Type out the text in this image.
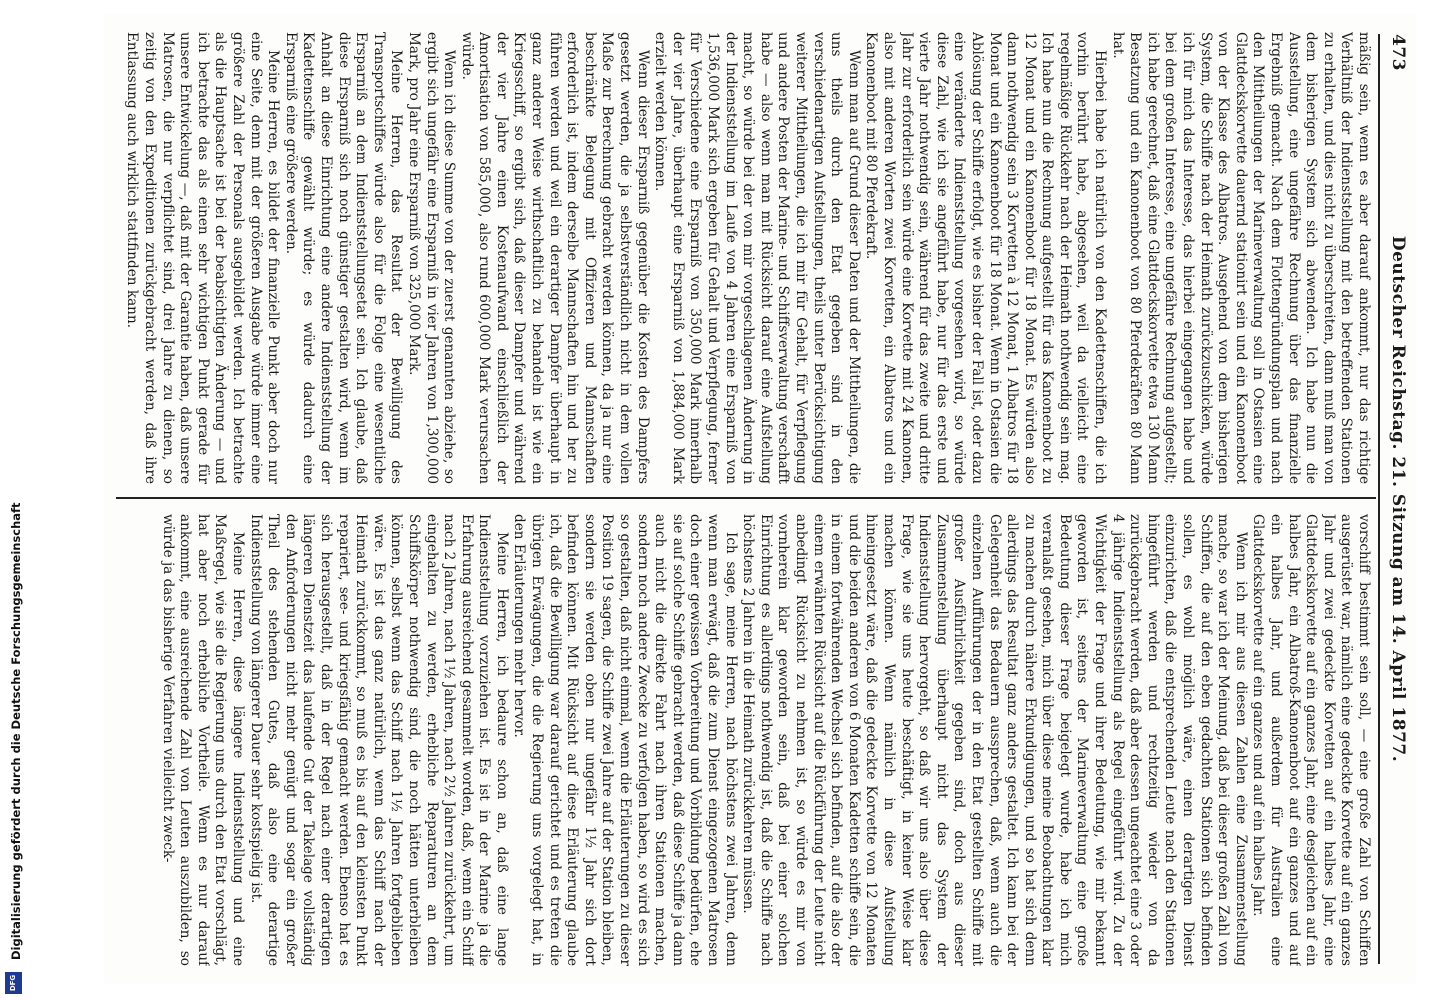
473
Deutscher Reichstag. 21. Sitzung am 14. April 1877.

mäßig sein, wenn es aber darauf ankommt, nur das richtige Verhältniß der Indienststellung mit den betreffenden Stationen zu erhalten, und dies nicht zu überschreiten, dann muß man von dem bisherigen System sich abwenden. Ich habe nun die Ausstellung, eine ungefähre Rechnung über das finanzielle Ergebniß gemacht. Nach dem Flottengründungsplan und nach den Mittheilungen der Marineverwaltung soll in Ostasien eine Glattdeckskorvette dauernd stationirt sein und ein Kanonenboot von der Klasse des Albatros. Ausgehend von dem bisherigen System, die Schiffe nach der Heimath zurückzuschicken, würde ich für mich das Interesse, das hierbei eingegangen habe und bei dem großen Interesse, eine ungefähre Rechnung aufgestellt; ich habe gerechnet, daß eine Glattdeckskorvette etwa 130 Mann Besatzung und ein Kanonenboot von 80 Pferdekräften 80 Mann hat.

Hierbei habe ich natürlich von den Kadettenschiffen, die ich vorhin berührt habe, abgesehen, weil da vielleicht eine regelmäßige Rückkehr nach der Heimath nothwendig sein mag. Ich habe nun die Rechnung aufgestellt für das Kanonenboot zu 12 Monat und ein Kanonenboot für 18 Monat. Es würden also dann nothwendig sein 3 Korvetten à 12 Monat, 1 Albatros für 18 Monat und ein Kanonenboot für 18 Monat. Wenn in Ostasien die Ablösung der Schiffe erfolgt, wie es bisher der Fall ist, oder dazu eine veränderte Indienststellung vorgesehen wird, so würde diese Zahl, wie ich sie angeführt habe, nur für das erste und vierte Jahr nothwendig sein, während für das zweite und dritte Jahr zur erforderlich sein würde eine Korvette mit 24 Kanonen, also mit anderen Worten zwei Korvetten, ein Albatros und ein Kanonenboot mit 80 Pferdekraft.

Wenn man auf Grund dieser Daten und der Mittheilungen, die uns theils durch den Etat gegeben sind in den verschiedenartigen Aufstellungen, theils unter Berücksichtigung weiterer Mittheilungen, die ich mir für Gehalt, für Verpflegung und andere Posten der Marine- und Schiffsverwaltung verschafft habe — also wenn man mit Rücksicht darauf eine Aufstellung macht, so würde bei der von mir vorgeschlagenen Änderung in der Indienststellung im Laufe von 4 Jahren eine Ersparniß von 1,536,000 Mark sich ergeben für Gehalt und Verpflegung, ferner für Verschiedene eine Ersparniß von 350,000 Mark innerhalb der vier Jahre, überhaupt eine Ersparniß von 1,884,000 Mark erzielt werden können.

Wenn dieser Ersparniß gegenüber die Kosten des Dampfers gesetzt werden, die ja selbstverständlich nicht in dem vollen Maße zur Berechnung gebracht werden können, da ja nur eine beschränkte Belegung mit Offizieren und Mannschaften erforderlich ist, indem derselbe Mannschaften hin und her zu führen werden und weil ein derartiger Dampfer überhaupt in ganz anderer Weise wirthschaftlich zu behandeln ist wie ein Kriegsschiff, so ergibt sich, daß dieser Dampfer und während der vier Jahre einen Kostenaufwand einschließlich der Amortisation von 585,000, also rund 600,000 Mark verursachen würde.

Wenn ich diese Summe von der zuerst genannten abziehe, so ergibt sich ungefähr eine Ersparniß in vier Jahren von 1,300,000 Mark, pro Jahr eine Ersparniß von 325,000 Mark.

Meine Herren, das Resultat der Bewilligung des Transportschiffes würde also für die Folge eine wesentliche Ersparniß an dem Indienststellungsetat sein. Ich glaube, daß diese Ersparniß sich noch günstiger gestalten wird, wenn im Anhalt an diese Einrichtung eine andere Indienststellung der Kadettenschiffe gewählt würde; es würde dadurch eine Ersparniß eine größere werden.

Meine Herren, es bildet der finanzielle Punkt aber doch nur eine Seite, denn mit der größeren Ausgabe würde immer eine größere Zahl der Personals ausgebildet werden. Ich betrachte als die Hauptsache ist bei der beabsichtigten Änderung — und ich betrachte das als einen sehr wichtigen Punkt gerade für unsere Entwickelung —, daß mit der Garantie haben, daß unsere Matrosen, die nur verpflichtet sind, drei Jahre zu dienen, so zeitig von den Expeditionen zurückgebracht werden, daß ihre Entlassung auch wirklich stattfinden kann.

vorschiff bestimmt sein soll, — eine große Zahl von Schiffen ausgerüstet war, nämlich eine gedeckte Korvette auf ein ganzes Jahr und zwei gedeckte Korvetten auf ein halbes Jahr, eine Glattdeckskorvette auf ein ganzes Jahr, eine desgleichen auf ein halbes Jahr, ein Albatroß-Kanonenboot auf ein ganzes und auf ein halbes Jahr, und außerdem für Australien eine Glattdeckskorvette auf ein ganzes und auf ein halbes Jahr.

Wenn ich mir aus diesen Zahlen eine Zusammenstellung mache, so war ich der Meinung, daß bei dieser großen Zahl von Schiffen, die auf den eben gedachten Stationen sich befinden sollen, es wohl möglich wäre, einen derartigen Dienst einzurichten, daß die entsprechenden Leute nach den Stationen hingeführt werden und rechtzeitig wieder von da zurückgebracht werden, daß aber dessen ungeachtet eine 3 oder 4 jährige Indienststellung als Regel eingeführt wird. Zu der Wichtigkeit der Frage und ihrer Bedeutung, wie mir bekannt geworden ist, seitens der Marineverwaltung eine große Bedeutung dieser Frage beigelegt wurde, habe ich mich veranlaßt gesehen, mich über diese meine Beobachtungen klar zu machen durch nähere Erkundigungen, und so hat sich denn allerdings das Resultat ganz anders gestaltet. Ich kann bei der Gelegenheit das Bedauern aussprechen, daß, wenn auch die einzelnen Aufführungen der in den Etat gestellten Schiffe mit großer Ausführlichkeit gegeben sind, doch aus dieser Zusammenstellung überhaupt nicht das System der Indienststellung hervorgeht, so daß wir uns also über diese Frage, wie sie uns heute beschäftigt, in keiner Weise klar machen können. Wenn nämlich in diese Aufstellung hineingesetzt wäre, daß die gedeckte Korvette von 12 Monaten und die beiden anderen von 6 Monaten Kadetten schiffe sein, die in einem fortwährenden Wechsel sich befinden, auf die also der einem erwähnten Rücksicht auf die Rückführung der Leute nicht anbedingt Rücksicht zu nehmen ist, so würde es mir von vornherein klar geworden sein, daß bei einer solchen Einrichtung es allerdings nothwendig ist, daß die Schiffe nach höchstens 2 Jahren in die Heimath zurückkehren müssen.

Ich sage, meine Herren, nach höchstens zwei Jahren, denn wenn man erwägt, daß die zum Dienst eingezogenen Matrosen doch einer gewissen Vorbereitung und Vorbildung bedürfen, ehe sie auf solche Schiffe gebracht werden, daß diese Schiffe ja dann auch nicht die direkte Fahrt nach ihren Stationen machen, sondern noch andere Zwecke zu verfolgen haben, so wird es sich so gestalten, daß nicht einmal, wenn die Erläuterungen zu dieser Position 19 sagen, die Schiffe zwei Jahre auf der Station bleiben, sondern sie werden oben nur ungefähr 1½ Jahr sich dort befinden können. Mit Rücksicht auf diese Erläuterung glaube ich, daß die Bewilligung war darauf gerichtet und es treten die übrigen Erwägungen, die die Regierung uns vorgelegt hat, in den Erläuterungen mehr hervor.

Meine Herren, ich bedaure schon an, daß eine lange Indienststellung vorzuziehen ist. Es ist in der Marine ja die Erfahrung ausreichend gesammelt worden, daß, wenn ein Schiff nach 2 Jahren, nach 1½ Jahren, nach 2½ Jahren zurückkehrt, um eingehalten zu werden, erhebliche Reparaturen an dem Schiffskörper nothwendig sind, die noch hätten unterbleiben können, selbst wenn das Schiff nach 1½ Jahren fortgeblieben wäre. Es ist das ganz natürlich, wenn das Schiff nach der Heimath zurückkommt, so muß es bis auf den kleinsten Punkt repariert, see- und kriegsfähig gemacht werden. Ebenso hat es sich herausgestellt, daß in der Regel nach einer derartigen längeren Dienstzeit das laufende Gut der Takelage vollständig den Anforderungen nicht mehr genügt und sogar ein großer Theil des stehenden Gutes, daß also eine derartige Indienststellung von längerer Dauer sehr kostspielig ist.

Meine Herren, diese längere Indienststellung und eine Maßregel, wie sie die Regierung uns durch den Etat vorschlägt, hat aber noch erhebliche Vortheile. Wenn es nur darauf ankommt, eine ausreichende Zahl von Leuten auszubilden, so würde ja das bisherige Verfahren vielleicht zweck-

Digitalisierung gefördert durch die Deutsche Forschungsgemeinschaft
DFG
